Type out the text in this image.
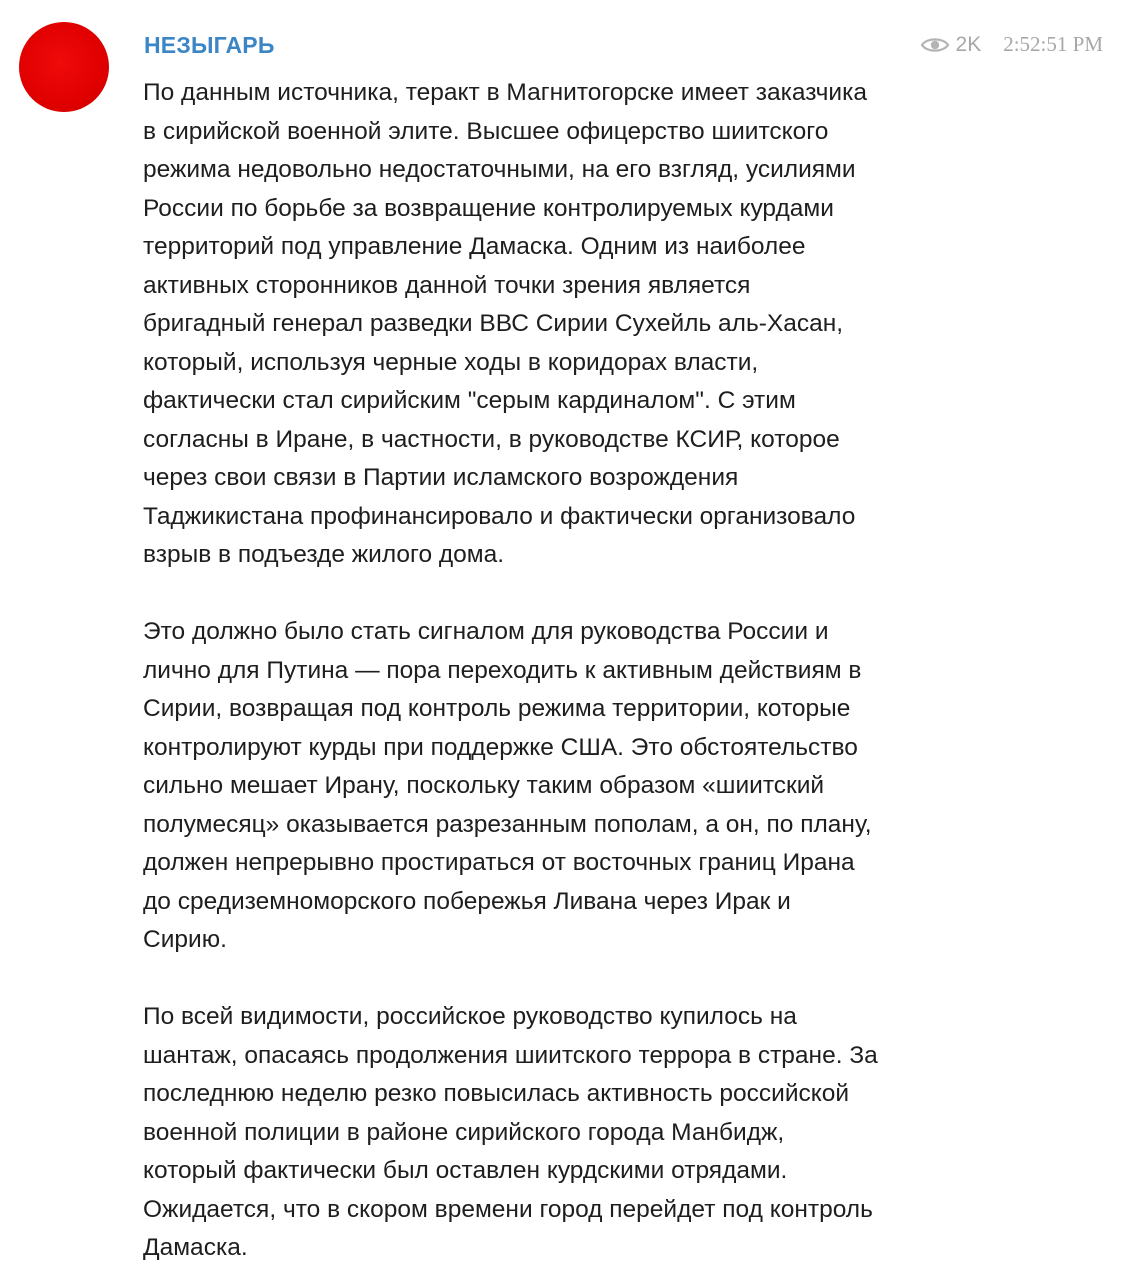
НЕЗЫГАРЬ	2K 2:52:51 PM

По данным источника, теракт в Магнитогорске имеет заказчика
в сирийской военной элите. Высшее офицерство шиитского
режима недовольно недостаточными, на его взгляд, усилиями
России по борьбе за возвращение контролируемых курдами
территорий под управление Дамаска. Одним из наиболее
активных сторонников данной точки зрения является
бригадный генерал разведки ВВС Сирии Сухейль аль-Хасан,
который, используя черные ходы в коридорах власти,
фактически стал сирийским "серым кардиналом". С этим
согласны в Иране, в частности, в руководстве КСИР, которое
через свои связи в Партии исламского возрождения
Таджикистана профинансировало и фактически организовало
взрыв в подъезде жилого дома.

Это должно было стать сигналом для руководства России и
лично для Путина — пора переходить к активным действиям в
Сирии, возвращая под контроль режима территории, которые
контролируют курды при поддержке США. Это обстоятельство
сильно мешает Ирану, поскольку таким образом «шиитский
полумесяц» оказывается разрезанным пополам, а он, по плану,
должен непрерывно простираться от восточных границ Ирана
до средиземноморского побережья Ливана через Ирак и
Сирию.

По всей видимости, российское руководство купилось на
шантаж, опасаясь продолжения шиитского террора в стране. За
последнюю неделю резко повысилась активность российской
военной полиции в районе сирийского города Манбидж,
который фактически был оставлен курдскими отрядами.
Ожидается, что в скором времени город перейдет под контроль
Дамаска.
